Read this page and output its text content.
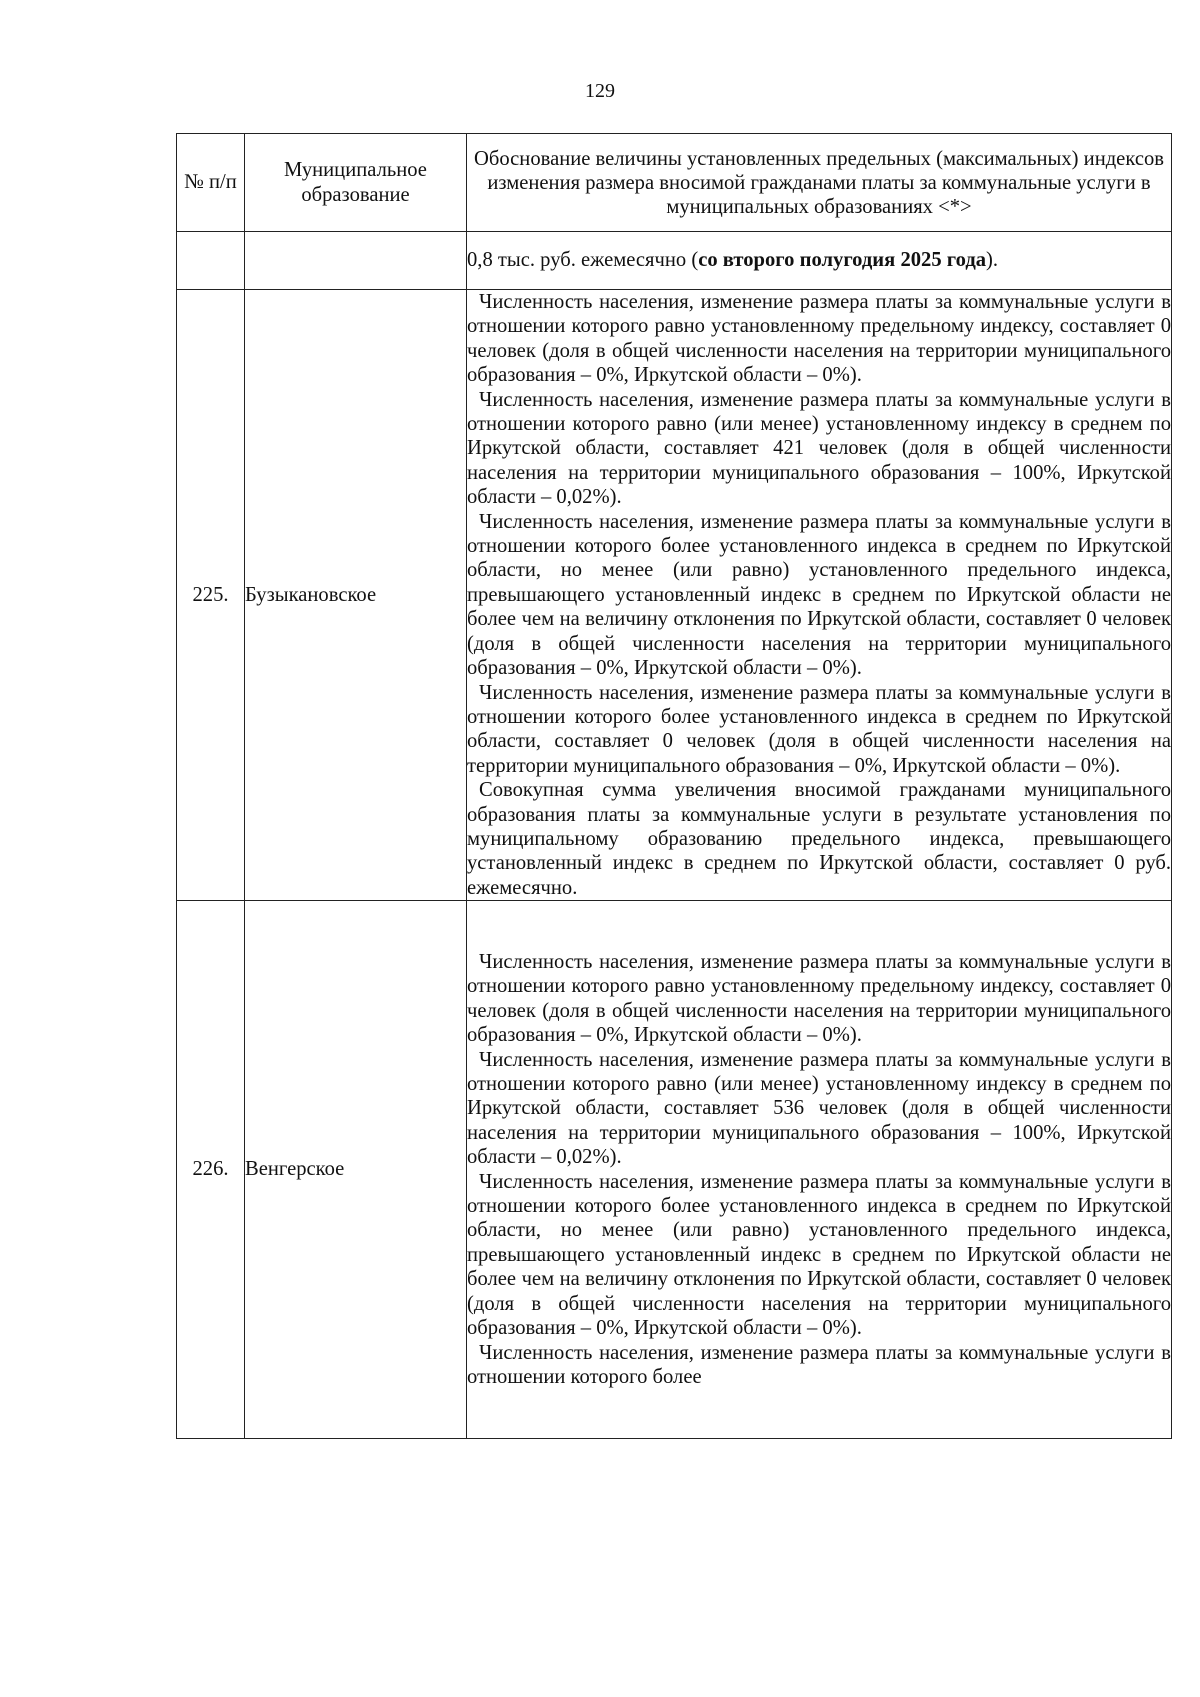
129
№ п/п	Муниципальное образование	Обоснование величины установленных предельных (максимальных) индексов изменения размера вносимой гражданами платы за коммунальные услуги в муниципальных образованиях <*>
		0,8 тыс. руб. ежемесячно (со второго полугодия 2025 года).
225.	Бузыкановское	Численность населения, изменение размера платы за коммунальные услуги в отношении которого равно установленному предельному индексу, составляет 0 человек (доля в общей численности населения на территории муниципального образования – 0%, Иркутской области – 0%).

Численность населения, изменение размера платы за коммунальные услуги в отношении которого равно (или менее) установленному индексу в среднем по Иркутской области, составляет 421 человек (доля в общей численности населения на территории муниципального образования – 100%, Иркутской области – 0,02%).

Численность населения, изменение размера платы за коммунальные услуги в отношении которого более установленного индекса в среднем по Иркутской области, но менее (или равно) установленного предельного индекса, превышающего установленный индекс в среднем по Иркутской области не более чем на величину отклонения по Иркутской области, составляет 0 человек (доля в общей численности населения на территории муниципального образования – 0%, Иркутской области – 0%).

Численность населения, изменение размера платы за коммунальные услуги в отношении которого более установленного индекса в среднем по Иркутской области, составляет 0 человек (доля в общей численности населения на территории муниципального образования – 0%, Иркутской области – 0%).

Совокупная сумма увеличения вносимой гражданами муниципального образования платы за коммунальные услуги в результате установления по муниципальному образованию предельного индекса, превышающего установленный индекс в среднем по Иркутской области, составляет 0 руб. ежемесячно.

226.	Венгерское	Численность населения, изменение размера платы за коммунальные услуги в отношении которого равно установленному предельному индексу, составляет 0 человек (доля в общей численности населения на территории муниципального образования – 0%, Иркутской области – 0%).

Численность населения, изменение размера платы за коммунальные услуги в отношении которого равно (или менее) установленному индексу в среднем по Иркутской области, составляет 536 человек (доля в общей численности населения на территории муниципального образования – 100%, Иркутской области – 0,02%).

Численность населения, изменение размера платы за коммунальные услуги в отношении которого более установленного индекса в среднем по Иркутской области, но менее (или равно) установленного предельного индекса, превышающего установленный индекс в среднем по Иркутской области не более чем на величину отклонения по Иркутской области, составляет 0 человек (доля в общей численности населения на территории муниципального образования – 0%, Иркутской области – 0%).

Численность населения, изменение размера платы за коммунальные услуги в отношении которого более
